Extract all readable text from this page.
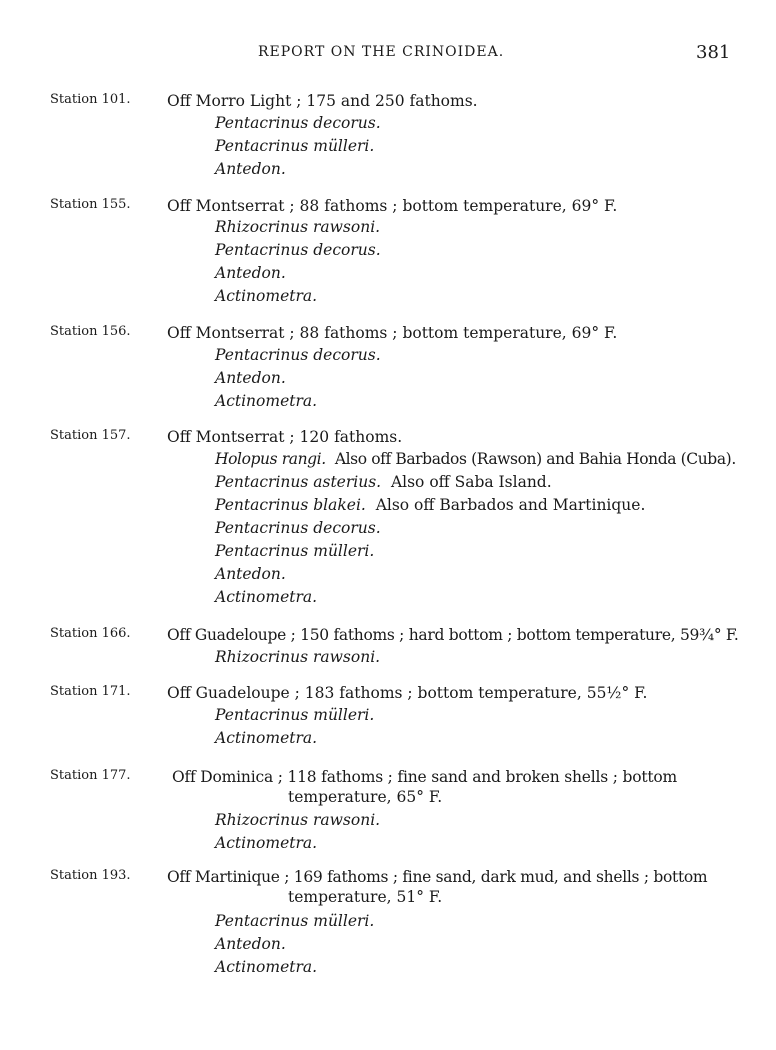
REPORT ON THE CRINOIDEA.	381
Station 101. Off Morro Light ; 175 and 250 fathoms.
Pentacrinus decorus.
Pentacrinus mülleri.
Antedon.
Station 155. Off Montserrat ; 88 fathoms ; bottom temperature, 69° F.
Rhizocrinus rawsoni.
Pentacrinus decorus.
Antedon.
Actinometra.
Station 156. Off Montserrat ; 88 fathoms ; bottom temperature, 69° F.
Pentacrinus decorus.
Antedon.
Actinometra.
Station 157. Off Montserrat ; 120 fathoms.
Holopus rangi. Also off Barbados (Rawson) and Bahia Honda (Cuba).
Pentacrinus asterius. Also off Saba Island.
Pentacrinus blakei. Also off Barbados and Martinique.
Pentacrinus decorus.
Pentacrinus mülleri.
Antedon.
Actinometra.
Station 166. Off Guadeloupe ; 150 fathoms ; hard bottom ; bottom temperature, 59¾° F.
Rhizocrinus rawsoni.
Station 171. Off Guadeloupe ; 183 fathoms ; bottom temperature, 55½° F.
Pentacrinus mülleri.
Actinometra.
Station 177.	Off Dominica ; 118 fathoms ; fine sand and broken shells ; bottom
temperature, 65° F.
Rhizocrinus rawsoni.
Actinometra.
Station 193. Off Martinique ; 169 fathoms ; fine sand, dark mud, and shells ; bottom
temperature, 51° F.
Pentacrinus mülleri.
Antedon.
Actinometra.
